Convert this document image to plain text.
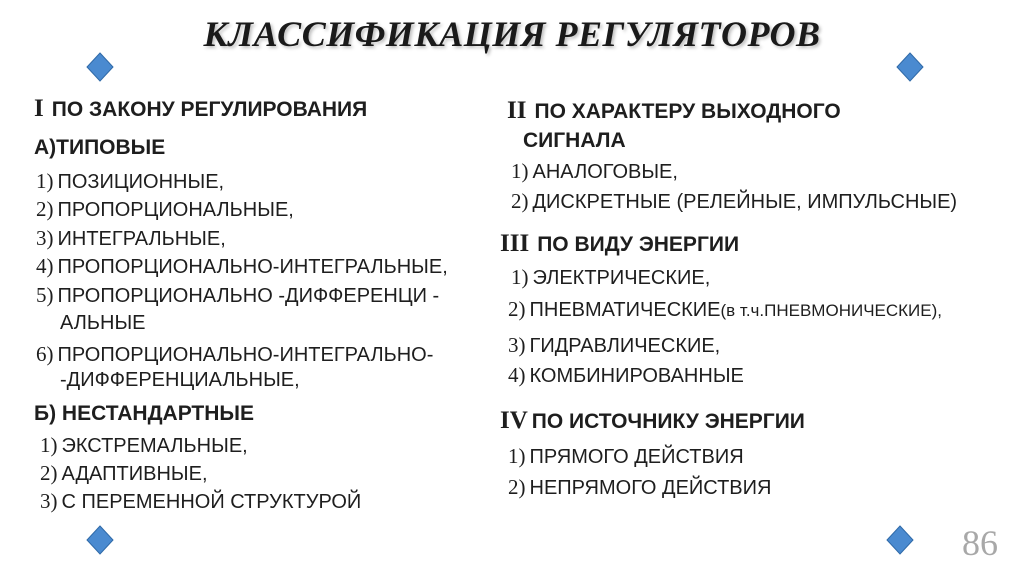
КЛАССИФИКАЦИЯ РЕГУЛЯТОРОВ
I ПО ЗАКОНУ РЕГУЛИРОВАНИЯ
А)ТИПОВЫЕ
1) ПОЗИЦИОННЫЕ,
2) ПРОПОРЦИОНАЛЬНЫЕ,
3) ИНТЕГРАЛЬНЫЕ,
4) ПРОПОРЦИОНАЛЬНО-ИНТЕГРАЛЬНЫЕ,
5) ПРОПОРЦИОНАЛЬНО -ДИФФЕРЕНЦИ -
АЛЬНЫЕ
6) ПРОПОРЦИОНАЛЬНО-ИНТЕГРАЛЬНО-
-ДИФФЕРЕНЦИАЛЬНЫЕ,
Б) НЕСТАНДАРТНЫЕ
1) ЭКСТРЕМАЛЬНЫЕ,
2) АДАПТИВНЫЕ,
3) С ПЕРЕМЕННОЙ СТРУКТУРОЙ
II ПО ХАРАКТЕРУ ВЫХОДНОГО
СИГНАЛА
1) АНАЛОГОВЫЕ,
2) ДИСКРЕТНЫЕ (РЕЛЕЙНЫЕ, ИМПУЛЬСНЫЕ)
III ПО ВИДУ ЭНЕРГИИ
1) ЭЛЕКТРИЧЕСКИЕ,
2) ПНЕВМАТИЧЕСКИЕ(в т.ч.ПНЕВМОНИЧЕСКИЕ),
3) ГИДРАВЛИЧЕСКИЕ,
4) КОМБИНИРОВАННЫЕ
IV ПО ИСТОЧНИКУ ЭНЕРГИИ
1) ПРЯМОГО ДЕЙСТВИЯ
2) НЕПРЯМОГО ДЕЙСТВИЯ
86
